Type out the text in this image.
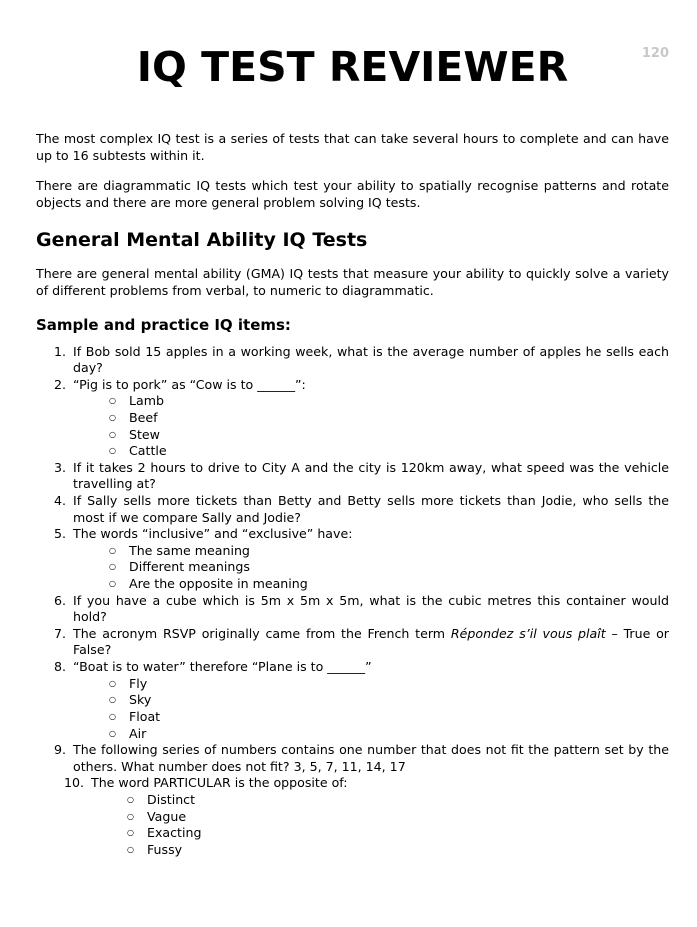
120
IQ TEST REVIEWER

The most complex IQ test is a series of tests that can take several hours to complete and can have up to 16 subtests within it.

There are diagrammatic IQ tests which test your ability to spatially recognise patterns and rotate objects and there are more general problem solving IQ tests.

General Mental Ability IQ Tests

There are general mental ability (GMA) IQ tests that measure your ability to quickly solve a variety of different problems from verbal, to numeric to diagrammatic.

Sample and practice IQ items:
1. If Bob sold 15 apples in a working week, what is the average number of apples he sells each day?
2. “Pig is to pork” as “Cow is to ______”:
○ Lamb
○ Beef
○ Stew
○ Cattle
3. If it takes 2 hours to drive to City A and the city is 120km away, what speed was the vehicle travelling at?
4. If Sally sells more tickets than Betty and Betty sells more tickets than Jodie, who sells the most if we compare Sally and Jodie?
5. The words “inclusive” and “exclusive” have:
○ The same meaning
○ Different meanings
○ Are the opposite in meaning
6. If you have a cube which is 5m x 5m x 5m, what is the cubic metres this container would hold?
7. The acronym RSVP originally came from the French term Répondez s’il vous plaît – True or False?
8. “Boat is to water” therefore “Plane is to ______”
○ Fly
○ Sky
○ Float
○ Air
9. The following series of numbers contains one number that does not fit the pattern set by the others. What number does not fit? 3, 5, 7, 11, 14, 17
10. The word PARTICULAR is the opposite of:
○ Distinct
○ Vague
○ Exacting
○ Fussy
